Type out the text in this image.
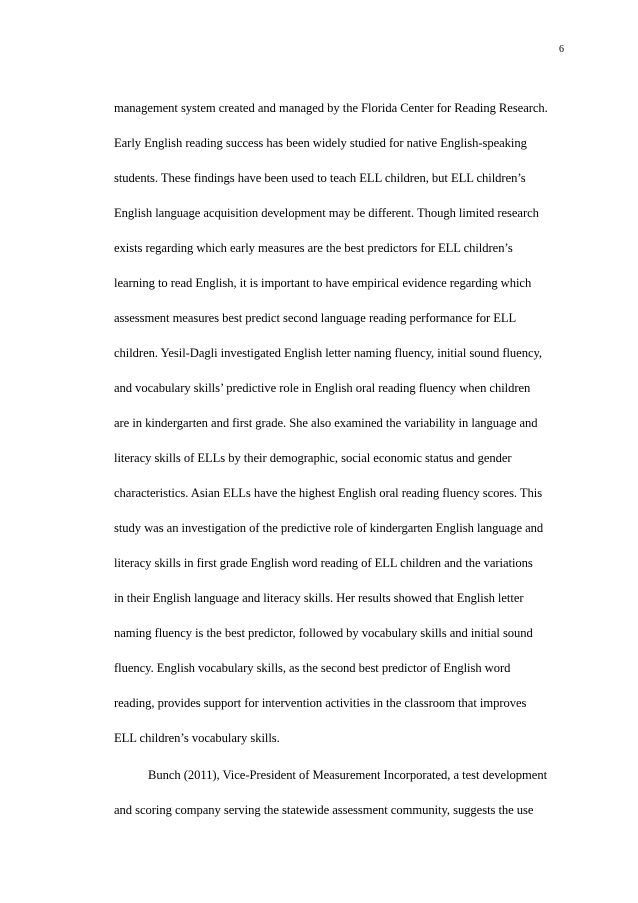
6
management system created and managed by the Florida Center for Reading Research.
Early English reading success has been widely studied for native English-speaking
students. These findings have been used to teach ELL children, but ELL children’s
English language acquisition development may be different. Though limited research
exists regarding which early measures are the best predictors for ELL children’s
learning to read English, it is important to have empirical evidence regarding which
assessment measures best predict second language reading performance for ELL
children. Yesil-Dagli investigated English letter naming fluency, initial sound fluency,
and vocabulary skills’ predictive role in English oral reading fluency when children
are in kindergarten and first grade. She also examined the variability in language and
literacy skills of ELLs by their demographic, social economic status and gender
characteristics. Asian ELLs have the highest English oral reading fluency scores. This
study was an investigation of the predictive role of kindergarten English language and
literacy skills in first grade English word reading of ELL children and the variations
in their English language and literacy skills. Her results showed that English letter
naming fluency is the best predictor, followed by vocabulary skills and initial sound
fluency. English vocabulary skills, as the second best predictor of English word
reading, provides support for intervention activities in the classroom that improves
ELL children’s vocabulary skills.
Bunch (2011), Vice-President of Measurement Incorporated, a test development
and scoring company serving the statewide assessment community, suggests the use
